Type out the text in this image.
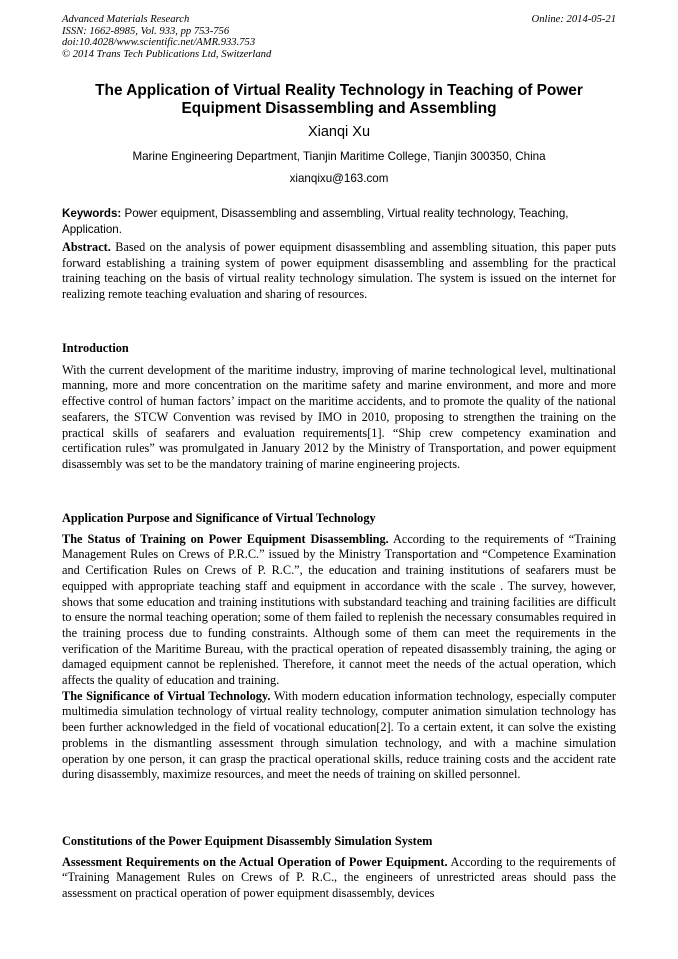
Advanced Materials Research
ISSN: 1662-8985, Vol. 933, pp 753-756
doi:10.4028/www.scientific.net/AMR.933.753
© 2014 Trans Tech Publications Ltd, Switzerland
Online: 2014-05-21
The Application of Virtual Reality Technology in Teaching of Power Equipment Disassembling and Assembling
Xianqi Xu
Marine Engineering Department, Tianjin Maritime College, Tianjin 300350, China
xianqixu@163.com
Keywords: Power equipment, Disassembling and assembling, Virtual reality technology, Teaching, Application.

Abstract. Based on the analysis of power equipment disassembling and assembling situation, this paper puts forward establishing a training system of power equipment disassembling and assembling for the practical training teaching on the basis of virtual reality technology simulation. The system is issued on the internet for realizing remote teaching evaluation and sharing of resources.

Introduction

With the current development of the maritime industry, improving of marine technological level, multinational manning, more and more concentration on the maritime safety and marine environment, and more and more effective control of human factors’ impact on the maritime accidents, and to promote the quality of the national seafarers, the STCW Convention was revised by IMO in 2010, proposing to strengthen the training on the practical skills of seafarers and evaluation requirements[1]. “Ship crew competency examination and certification rules” was promulgated in January 2012 by the Ministry of Transportation, and power equipment disassembly was set to be the mandatory training of marine engineering projects.

Application Purpose and Significance of Virtual Technology

The Status of Training on Power Equipment Disassembling. According to the requirements of “Training Management Rules on Crews of P.R.C.” issued by the Ministry Transportation and “Competence Examination and Certification Rules on Crews of P. R.C.”, the education and training institutions of seafarers must be equipped with appropriate teaching staff and equipment in accordance with the scale . The survey, however, shows that some education and training institutions with substandard teaching and training facilities are difficult to ensure the normal teaching operation; some of them failed to replenish the necessary consumables required in the training process due to funding constraints. Although some of them can meet the requirements in the verification of the Maritime Bureau, with the practical operation of repeated disassembly training, the aging or damaged equipment cannot be replenished. Therefore, it cannot meet the needs of the actual operation, which affects the quality of education and training.

The Significance of Virtual Technology. With modern education information technology, especially computer multimedia simulation technology of virtual reality technology, computer animation simulation technology has been further acknowledged in the field of vocational education[2]. To a certain extent, it can solve the existing problems in the dismantling assessment through simulation technology, and with a machine simulation operation by one person, it can grasp the practical operational skills, reduce training costs and the accident rate during disassembly, maximize resources, and meet the needs of training on skilled personnel.

Constitutions of the Power Equipment Disassembly Simulation System

Assessment Requirements on the Actual Operation of Power Equipment. According to the requirements of “Training Management Rules on Crews of P. R.C., the engineers of unrestricted areas should pass the assessment on practical operation of power equipment disassembly, devices
